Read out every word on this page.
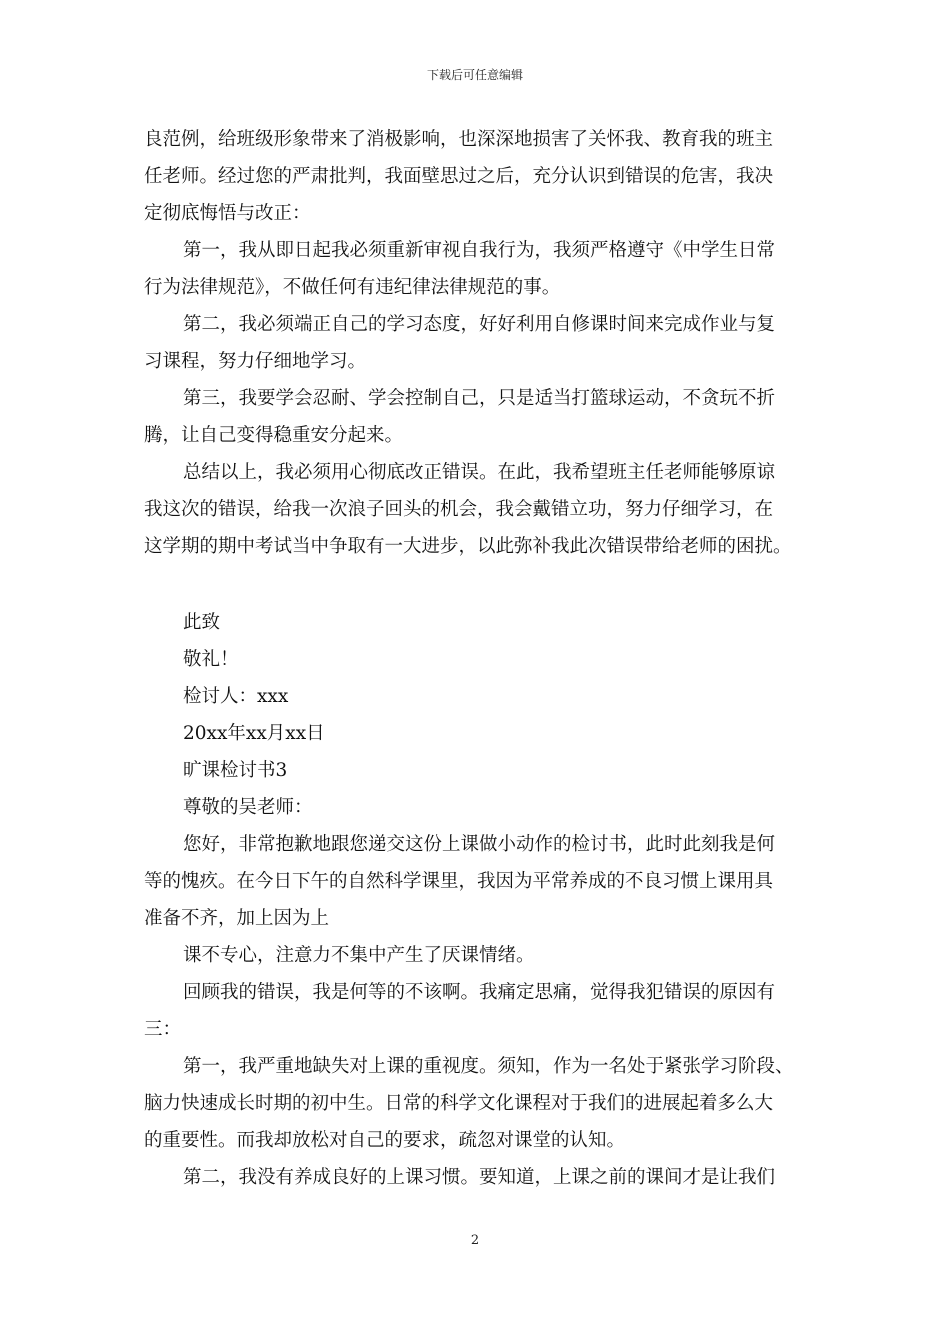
下载后可任意编辑
良范例，给班级形象带来了消极影响，也深深地损害了关怀我、教育我的班主
任老师。经过您的严肃批判，我面壁思过之后，充分认识到错误的危害，我决
定彻底悔悟与改正：
第一，我从即日起我必须重新审视自我行为，我须严格遵守《中学生日常
行为法律规范》，不做任何有违纪律法律规范的事。
第二，我必须端正自己的学习态度，好好利用自修课时间来完成作业与复
习课程，努力仔细地学习。
第三，我要学会忍耐、学会控制自己，只是适当打篮球运动，不贪玩不折
腾，让自己变得稳重安分起来。
总结以上，我必须用心彻底改正错误。在此，我希望班主任老师能够原谅
我这次的错误，给我一次浪子回头的机会，我会戴错立功，努力仔细学习，在
这学期的期中考试当中争取有一大进步，以此弥补我此次错误带给老师的困扰。
此致
敬礼！
检讨人：xxx
20xx年xx月xx日
旷课检讨书3
尊敬的吴老师：
您好，非常抱歉地跟您递交这份上课做小动作的检讨书，此时此刻我是何
等的愧疚。在今日下午的自然科学课里，我因为平常养成的不良习惯上课用具
准备不齐，加上因为上
课不专心，注意力不集中产生了厌课情绪。
回顾我的错误，我是何等的不该啊。我痛定思痛，觉得我犯错误的原因有
三：
第一，我严重地缺失对上课的重视度。须知，作为一名处于紧张学习阶段、
脑力快速成长时期的初中生。日常的科学文化课程对于我们的进展起着多么大
的重要性。而我却放松对自己的要求，疏忽对课堂的认知。
第二，我没有养成良好的上课习惯。要知道，上课之前的课间才是让我们
2
